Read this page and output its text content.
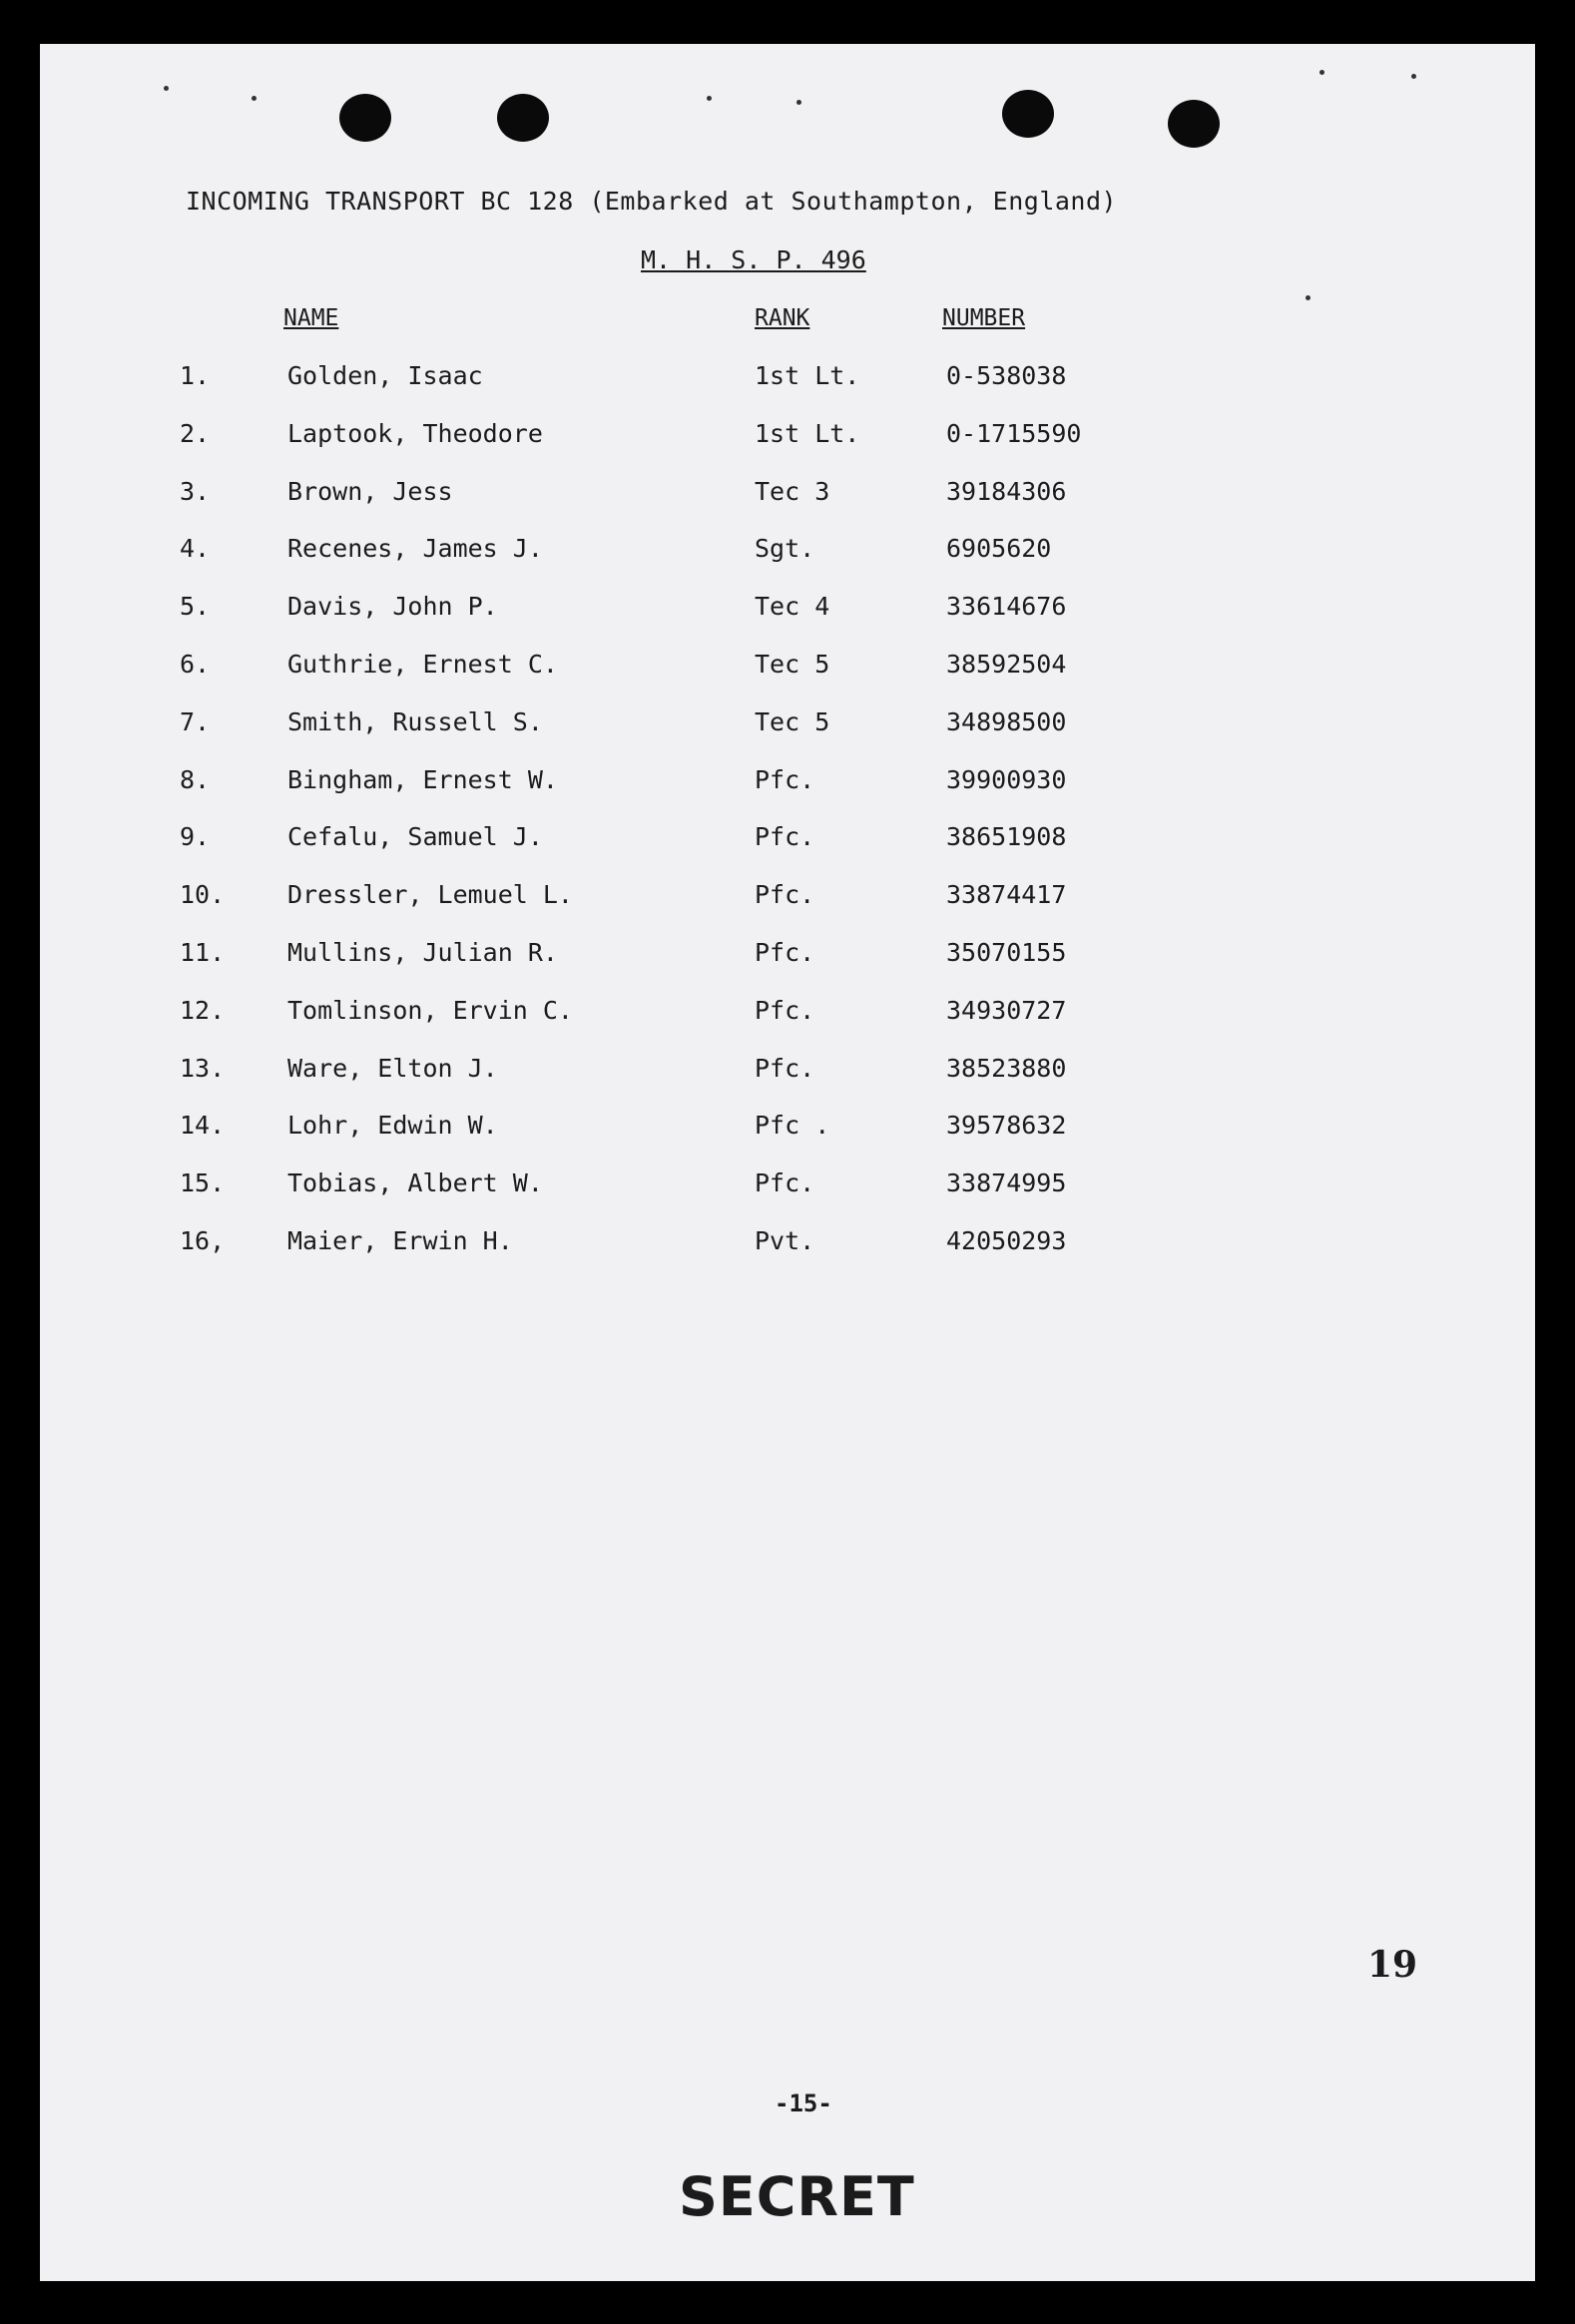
INCOMING TRANSPORT BC 128 (Embarked at Southampton, England)
M. H. S. P. 496
NAME	RANK	NUMBER
1.	Golden, Isaac	1st Lt.	0-538038
2.	Laptook, Theodore	1st Lt.	0-1715590
3.	Brown, Jess	Tec 3	39184306
4.	Recenes, James J.	Sgt.	6905620
5.	Davis, John P.	Tec 4	33614676
6.	Guthrie, Ernest C.	Tec 5	38592504
7.	Smith, Russell S.	Tec 5	34898500
8.	Bingham, Ernest W.	Pfc.	39900930
9.	Cefalu, Samuel J.	Pfc.	38651908
10.	Dressler, Lemuel L.	Pfc.	33874417
11.	Mullins, Julian R.	Pfc.	35070155
12.	Tomlinson, Ervin C.	Pfc.	34930727
13.	Ware, Elton J.	Pfc.	38523880
14.	Lohr, Edwin W.	Pfc .	39578632
15.	Tobias, Albert W.	Pfc.	33874995
16,	Maier, Erwin H.	Pvt.	42050293
19
-15-
SECRET
